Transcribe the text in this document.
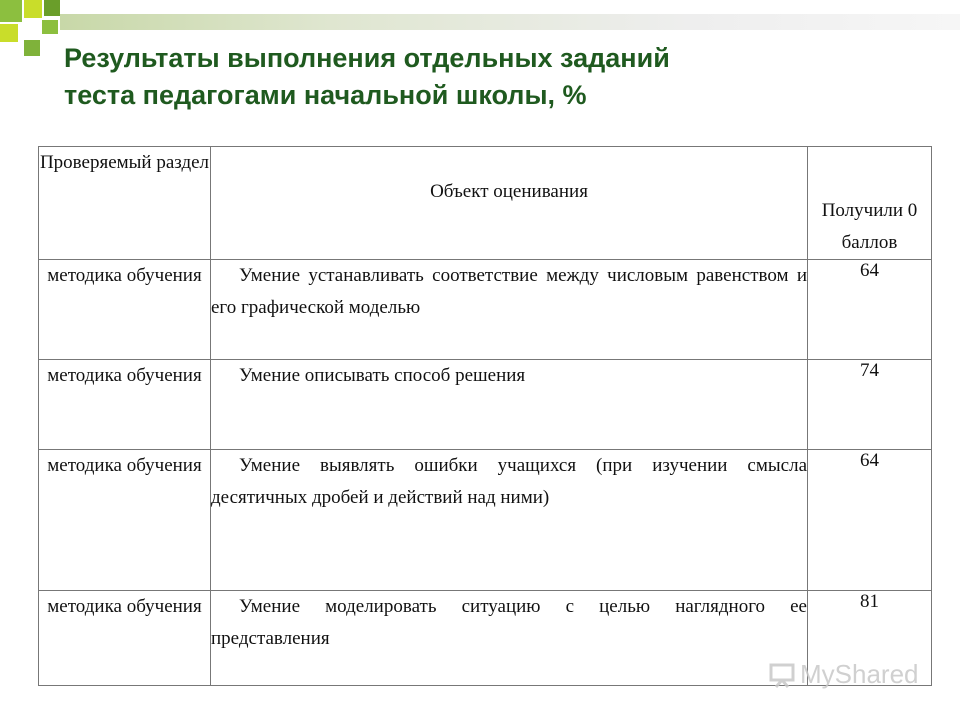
Результаты выполнения отдельных заданий
теста педагогами начальной школы, %
Проверяемый раздел	Объект оценивания	Получили 0 баллов

методика обучения	Умение устанавливать соответствие между числовым равенством и его графической моделью	64
методика обучения	Умение описывать способ решения	74
методика обучения	Умение выявлять ошибки учащихся (при изучении смысла десятичных дробей и действий над ними)	64
методика обучения	Умение моделировать ситуацию с целью наглядного ее представления	81
MyShared
